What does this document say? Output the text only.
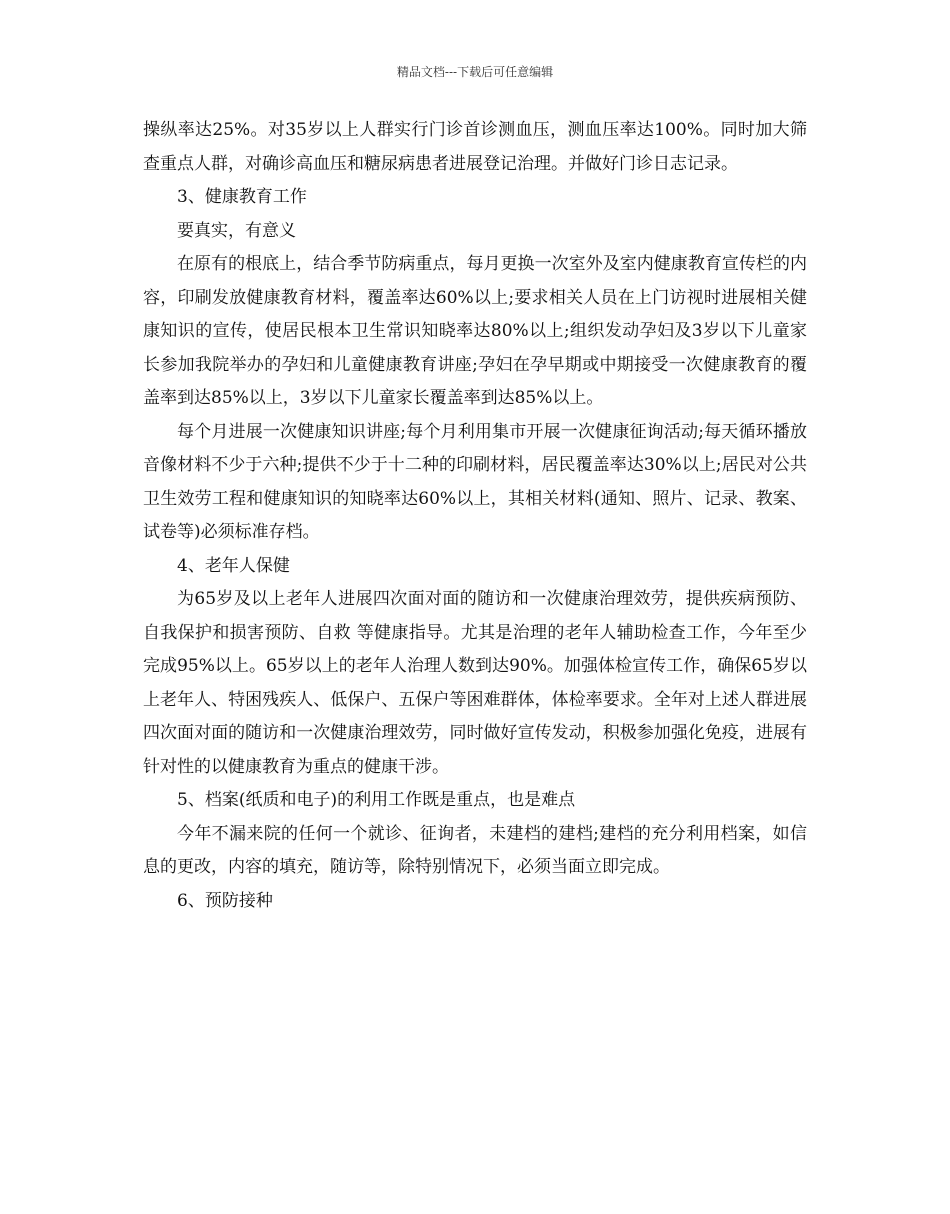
精品文档---下载后可任意编辑

操纵率达25%。对35岁以上人群实行门诊首诊测血压，测血压率达100%。同时加大筛查重点人群，对确诊高血压和糖尿病患者进展登记治理。并做好门诊日志记录。

3、健康教育工作

要真实，有意义

在原有的根底上，结合季节防病重点，每月更换一次室外及室内健康教育宣传栏的内容，印刷发放健康教育材料，覆盖率达60%以上;要求相关人员在上门访视时进展相关健康知识的宣传，使居民根本卫生常识知晓率达80%以上;组织发动孕妇及3岁以下儿童家长参加我院举办的孕妇和儿童健康教育讲座;孕妇在孕早期或中期接受一次健康教育的覆盖率到达85%以上，3岁以下儿童家长覆盖率到达85%以上。

每个月进展一次健康知识讲座;每个月利用集市开展一次健康征询活动;每天循环播放音像材料不少于六种;提供不少于十二种的印刷材料，居民覆盖率达30%以上;居民对公共卫生效劳工程和健康知识的知晓率达60%以上，其相关材料(通知、照片、记录、教案、试卷等)必须标准存档。

4、老年人保健

为65岁及以上老年人进展四次面对面的随访和一次健康治理效劳，提供疾病预防、自我保护和损害预防、自救 等健康指导。尤其是治理的老年人辅助检查工作，今年至少完成95%以上。65岁以上的老年人治理人数到达90%。加强体检宣传工作，确保65岁以上老年人、特困残疾人、低保户、五保户等困难群体，体检率要求。全年对上述人群进展四次面对面的随访和一次健康治理效劳，同时做好宣传发动，积极参加强化免疫，进展有针对性的以健康教育为重点的健康干涉。

5、档案(纸质和电子)的利用工作既是重点，也是难点

今年不漏来院的任何一个就诊、征询者，未建档的建档;建档的充分利用档案，如信息的更改，内容的填充，随访等，除特别情况下，必须当面立即完成。

6、预防接种
